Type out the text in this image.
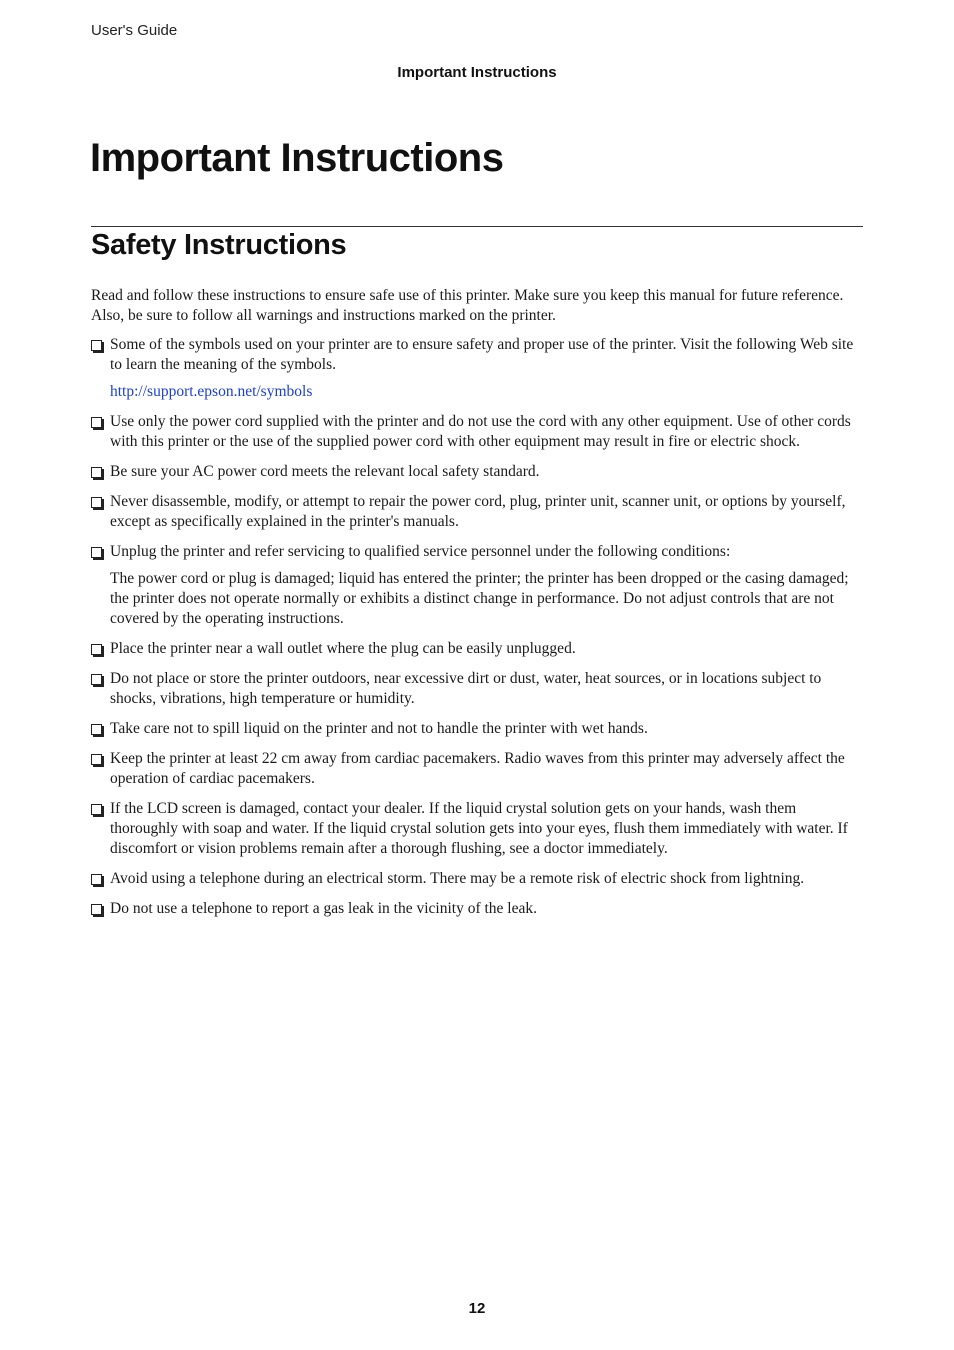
User's Guide
Important Instructions
Important Instructions
Safety Instructions

Read and follow these instructions to ensure safe use of this printer. Make sure you keep this manual for future reference. Also, be sure to follow all warnings and instructions marked on the printer.

Some of the symbols used on your printer are to ensure safety and proper use of the printer. Visit the following Web site to learn the meaning of the symbols.

http://support.epson.net/symbols

Use only the power cord supplied with the printer and do not use the cord with any other equipment. Use of other cords with this printer or the use of the supplied power cord with other equipment may result in fire or electric shock.

Be sure your AC power cord meets the relevant local safety standard.

Never disassemble, modify, or attempt to repair the power cord, plug, printer unit, scanner unit, or options by yourself, except as specifically explained in the printer's manuals.

Unplug the printer and refer servicing to qualified service personnel under the following conditions:

The power cord or plug is damaged; liquid has entered the printer; the printer has been dropped or the casing damaged; the printer does not operate normally or exhibits a distinct change in performance. Do not adjust controls that are not covered by the operating instructions.

Place the printer near a wall outlet where the plug can be easily unplugged.

Do not place or store the printer outdoors, near excessive dirt or dust, water, heat sources, or in locations subject to shocks, vibrations, high temperature or humidity.

Take care not to spill liquid on the printer and not to handle the printer with wet hands.

Keep the printer at least 22 cm away from cardiac pacemakers. Radio waves from this printer may adversely affect the operation of cardiac pacemakers.

If the LCD screen is damaged, contact your dealer. If the liquid crystal solution gets on your hands, wash them thoroughly with soap and water. If the liquid crystal solution gets into your eyes, flush them immediately with water. If discomfort or vision problems remain after a thorough flushing, see a doctor immediately.

Avoid using a telephone during an electrical storm. There may be a remote risk of electric shock from lightning.

Do not use a telephone to report a gas leak in the vicinity of the leak.

12
